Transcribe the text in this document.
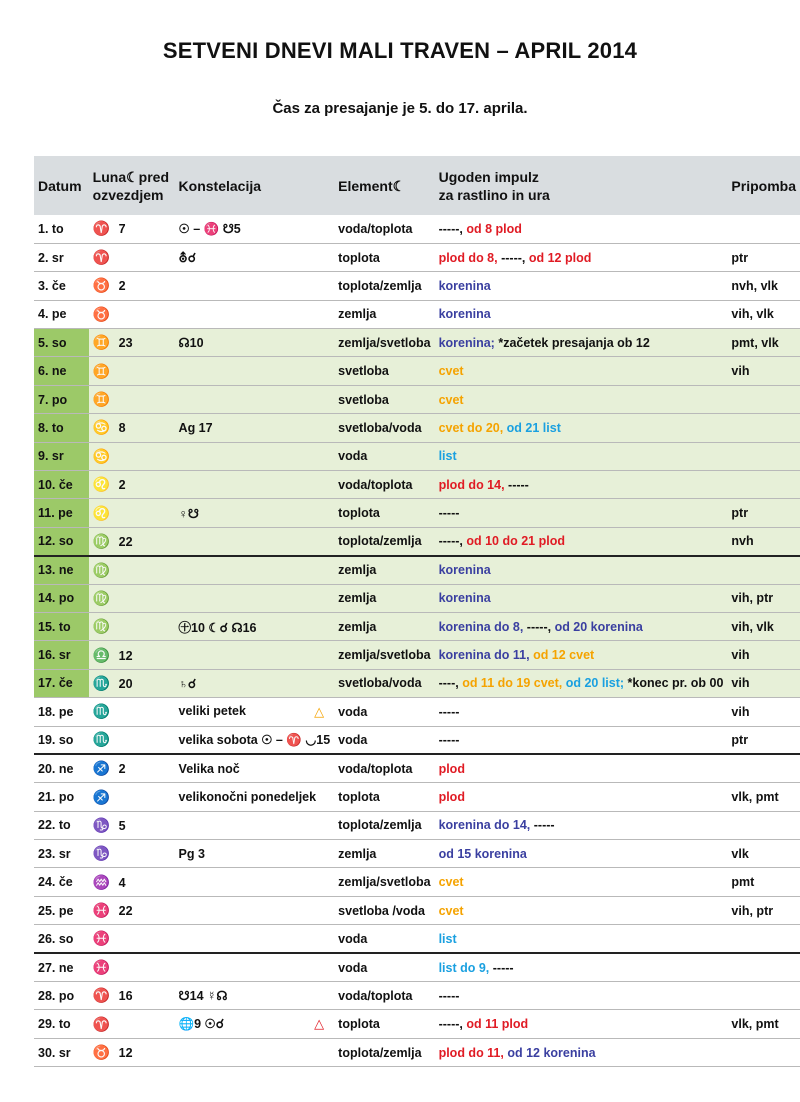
SETVENI DNEVI MALI TRAVEN – APRIL 2014
Čas za presajanje je 5. do 17. aprila.
Datum	Luna☾pred
ozvezdjem	Konstelacija	Element☾	Ugoden impulz
za rastlino in ura	Pripomba
1. to	♈ 7	☉ – ♓ ☋5	voda/toplota	-----, od 8 plod	
2. sr	♈	⛢☌	toplota	plod do 8, -----, od 12 plod	ptr
3. če	♉ 2		toplota/zemlja	korenina	nvh, vlk
4. pe	♉		zemlja	korenina	vih, vlk
5. so	♊ 23	☊10	zemlja/svetloba	korenina; *začetek presajanja ob 12	pmt, vlk
6. ne	♊		svetloba	cvet	vih
7. po	♊		svetloba	cvet	
8. to	♋ 8	Ag 17	svetloba/voda	cvet do 20, od 21 list	
9. sr	♋		voda	list	
10. če	♌ 2		voda/toplota	plod do 14, -----	
11. pe	♌	♀☋	toplota	-----	ptr
12. so	♍ 22		toplota/zemlja	-----, od 10 do 21 plod	nvh
13. ne	♍		zemlja	korenina	
14. po	♍		zemlja	korenina	vih, ptr
15. to	♍	㊉10 ☾☌ ☊16	zemlja	korenina do 8, -----, od 20 korenina	vih, vlk
16. sr	♎ 12		zemlja/svetloba	korenina do 11, od 12 cvet	vih
17. če	♏ 20	♄☌	svetloba/voda	----, od 11 do 19 cvet, od 20 list; *konec pr. ob 00	vih
18. pe	♏	veliki petek △	voda	-----	vih
19. so	♏	velika sobota ☉ – ♈ ◡15	voda	-----	ptr
20. ne	♐ 2	Velika noč	voda/toplota	plod	
21. po	♐	velikonočni ponedeljek	toplota	plod	vlk, pmt
22. to	♑ 5		toplota/zemlja	korenina do 14, -----	
23. sr	♑	Pg 3	zemlja	od 15 korenina	vlk
24. če	♒ 4		zemlja/svetloba	cvet	pmt
25. pe	♓ 22		svetloba /voda	cvet	vih, ptr
26. so	♓		voda	list	
27. ne	♓		voda	list do 9, -----	
28. po	♈ 16	☋14 ☿☊	voda/toplota	-----	
29. to	♈	🌐9 ☉☌ △	toplota	-----, od 11 plod	vlk, pmt
30. sr	♉ 12		toplota/zemlja	plod do 11, od 12 korenina	
